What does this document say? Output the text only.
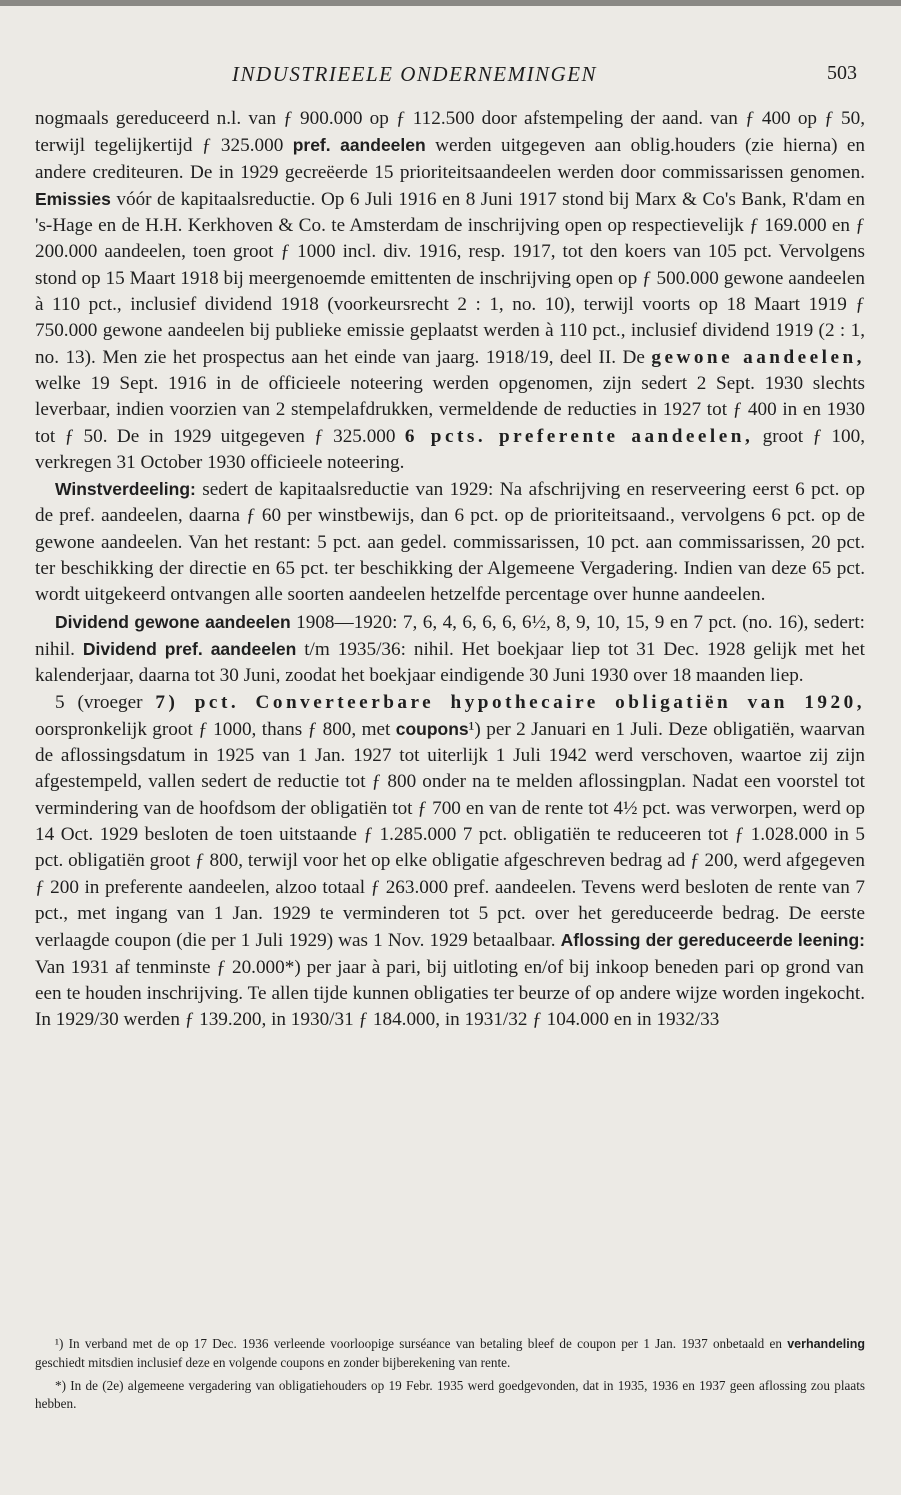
INDUSTRIEELE ONDERNEMINGEN	503

nogmaals gereduceerd n.l. van ƒ 900.000 op ƒ 112.500 door afstempeling der aand. van ƒ 400 op ƒ 50, terwijl tegelijkertijd ƒ 325.000 pref. aandeelen werden uitgegeven aan oblig.houders (zie hierna) en andere crediteuren. De in 1929 gecreëerde 15 prioriteitsaandeelen werden door commissarissen genomen. Emissies vóór de kapitaalsreductie. Op 6 Juli 1916 en 8 Juni 1917 stond bij Marx & Co's Bank, R'dam en 's-Hage en de H.H. Kerkhoven & Co. te Amsterdam de inschrijving open op respectievelijk ƒ 169.000 en ƒ 200.000 aandeelen, toen groot ƒ 1000 incl. div. 1916, resp. 1917, tot den koers van 105 pct. Vervolgens stond op 15 Maart 1918 bij meergenoemde emittenten de inschrijving open op ƒ 500.000 gewone aandeelen à 110 pct., inclusief dividend 1918 (voorkeursrecht 2 : 1, no. 10), terwijl voorts op 18 Maart 1919 ƒ 750.000 gewone aandeelen bij publieke emissie geplaatst werden à 110 pct., inclusief dividend 1919 (2 : 1, no. 13). Men zie het prospectus aan het einde van jaarg. 1918/19, deel II. De gewone aandeelen, welke 19 Sept. 1916 in de officieele noteering werden opgenomen, zijn sedert 2 Sept. 1930 slechts leverbaar, indien voorzien van 2 stempelafdrukken, vermeldende de reducties in 1927 tot ƒ 400 in en 1930 tot ƒ 50. De in 1929 uitgegeven ƒ 325.000 6 pcts. preferente aandeelen, groot ƒ 100, verkregen 31 October 1930 officieele noteering.

Winstverdeeling: sedert de kapitaalsreductie van 1929: Na afschrijving en reserveering eerst 6 pct. op de pref. aandeelen, daarna ƒ 60 per winstbewijs, dan 6 pct. op de prioriteitsaand., vervolgens 6 pct. op de gewone aandeelen. Van het restant: 5 pct. aan gedel. commissarissen, 10 pct. aan commissarissen, 20 pct. ter beschikking der directie en 65 pct. ter beschikking der Algemeene Vergadering. Indien van deze 65 pct. wordt uitgekeerd ontvangen alle soorten aandeelen hetzelfde percentage over hunne aandeelen.

Dividend gewone aandeelen 1908—1920: 7, 6, 4, 6, 6, 6, 6½, 8, 9, 10, 15, 9 en 7 pct. (no. 16), sedert: nihil. Dividend pref. aandeelen t/m 1935/36: nihil. Het boekjaar liep tot 31 Dec. 1928 gelijk met het kalenderjaar, daarna tot 30 Juni, zoodat het boekjaar eindigende 30 Juni 1930 over 18 maanden liep.

5 (vroeger 7) pct. Converteerbare hypothecaire obligatiën van 1920, oorspronkelijk groot ƒ 1000, thans ƒ 800, met coupons¹) per 2 Januari en 1 Juli. Deze obligatiën, waarvan de aflossingsdatum in 1925 van 1 Jan. 1927 tot uiterlijk 1 Juli 1942 werd verschoven, waartoe zij zijn afgestempeld, vallen sedert de reductie tot ƒ 800 onder na te melden aflossingplan. Nadat een voorstel tot vermindering van de hoofdsom der obligatiën tot ƒ 700 en van de rente tot 4½ pct. was verworpen, werd op 14 Oct. 1929 besloten de toen uitstaande ƒ 1.285.000 7 pct. obligatiën te reduceeren tot ƒ 1.028.000 in 5 pct. obligatiën groot ƒ 800, terwijl voor het op elke obligatie afgeschreven bedrag ad ƒ 200, werd afgegeven ƒ 200 in preferente aandeelen, alzoo totaal ƒ 263.000 pref. aandeelen. Tevens werd besloten de rente van 7 pct., met ingang van 1 Jan. 1929 te verminderen tot 5 pct. over het gereduceerde bedrag. De eerste verlaagde coupon (die per 1 Juli 1929) was 1 Nov. 1929 betaalbaar. Aflossing der gereduceerde leening: Van 1931 af tenminste ƒ 20.000*) per jaar à pari, bij uitloting en/of bij inkoop beneden pari op grond van een te houden inschrijving. Te allen tijde kunnen obligaties ter beurze of op andere wijze worden ingekocht. In 1929/30 werden ƒ 139.200, in 1930/31 ƒ 184.000, in 1931/32 ƒ 104.000 en in 1932/33

¹) In verband met de op 17 Dec. 1936 verleende voorloopige surséance van betaling bleef de coupon per 1 Jan. 1937 onbetaald en verhandeling geschiedt mitsdien inclusief deze en volgende coupons en zonder bijberekening van rente.

*) In de (2e) algemeene vergadering van obligatiehouders op 19 Febr. 1935 werd goedgevonden, dat in 1935, 1936 en 1937 geen aflossing zou plaats hebben.
